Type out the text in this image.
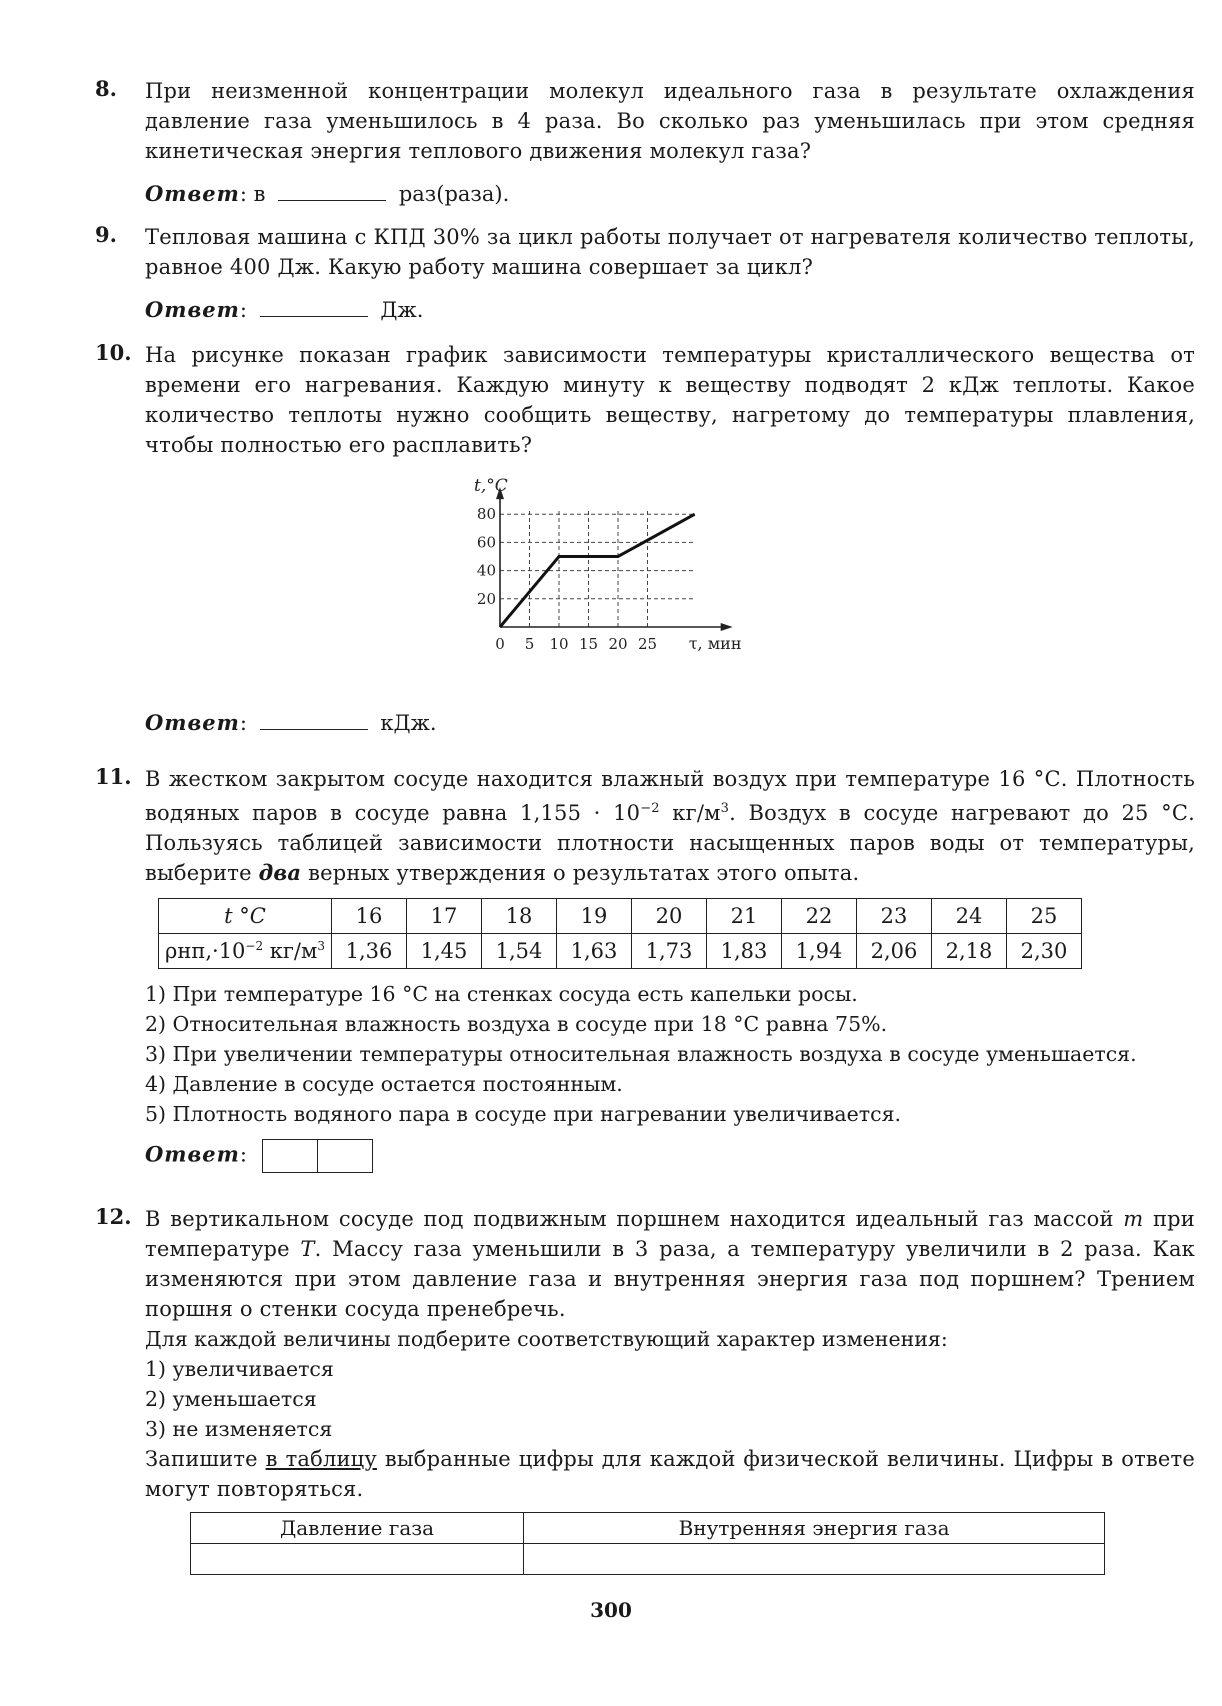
8. При неизменной концентрации молекул идеального газа в результате охлаждения давление газа уменьшилось в 4 раза. Во сколько раз уменьшилась при этом средняя кинетическая энергия теплового движения молекул газа?
Ответ: в	раз(раза).
9. Тепловая машина с КПД 30% за цикл работы получает от нагревателя количество теплоты, равное 400 Дж. Какую работу машина совершает за цикл?
Ответ:	Дж.
10. На рисунке показан график зависимости температуры кристаллического вещества от времени его нагревания. Каждую минуту к веществу подводят 2 кДж теплоты. Какое количество теплоты нужно сообщить веществу, нагретому до температуры плавления, чтобы полностью его расплавить?
0 5 10 15 20 25
20
40
60
80
t,°C
τ, мин
Ответ:	кДж.
11. В жестком закрытом сосуде находится влажный воздух при температуре 16 °С. Плотность водяных паров в сосуде равна $1,155 \cdot 10^{-2}$ $кг/м^3$. Воздух в сосуде нагревают до 25 °С. Пользуясь таблицей зависимости плотности насыщенных паров воды от температуры, выберите два верных утверждения о результатах этого опыта.
t °C	16	17	18	19	20	21	22	23	24	25
$\rho нп,\cdot 10^{-2}$ $кг/м^3$	1,36	1,45	1,54	1,63	1,73	1,83	1,94	2,06	2,18	2,30
1) При температуре 16 °С на стенках сосуда есть капельки росы.
2) Относительная влажность воздуха в сосуде при 18 °С равна 75%.
3) При увеличении температуры относительная влажность воздуха в сосуде уменьшается.
4) Давление в сосуде остается постоянным.
5) Плотность водяного пара в сосуде при нагревании увеличивается.
Ответ:
12. В вертикальном сосуде под подвижным поршнем находится идеальный газ массой m при температуре T. Массу газа уменьшили в 3 раза, а температуру увеличили в 2 раза. Как изменяются при этом давление газа и внутренняя энергия газа под поршнем? Трением поршня о стенки сосуда пренебречь.
Для каждой величины подберите соответствующий характер изменения:
1) увеличивается
2) уменьшается
3) не изменяется
Запишите в таблицу выбранные цифры для каждой физической величины. Цифры в ответе могут повторяться.
Давление газа	Внутренняя энергия газа

300
